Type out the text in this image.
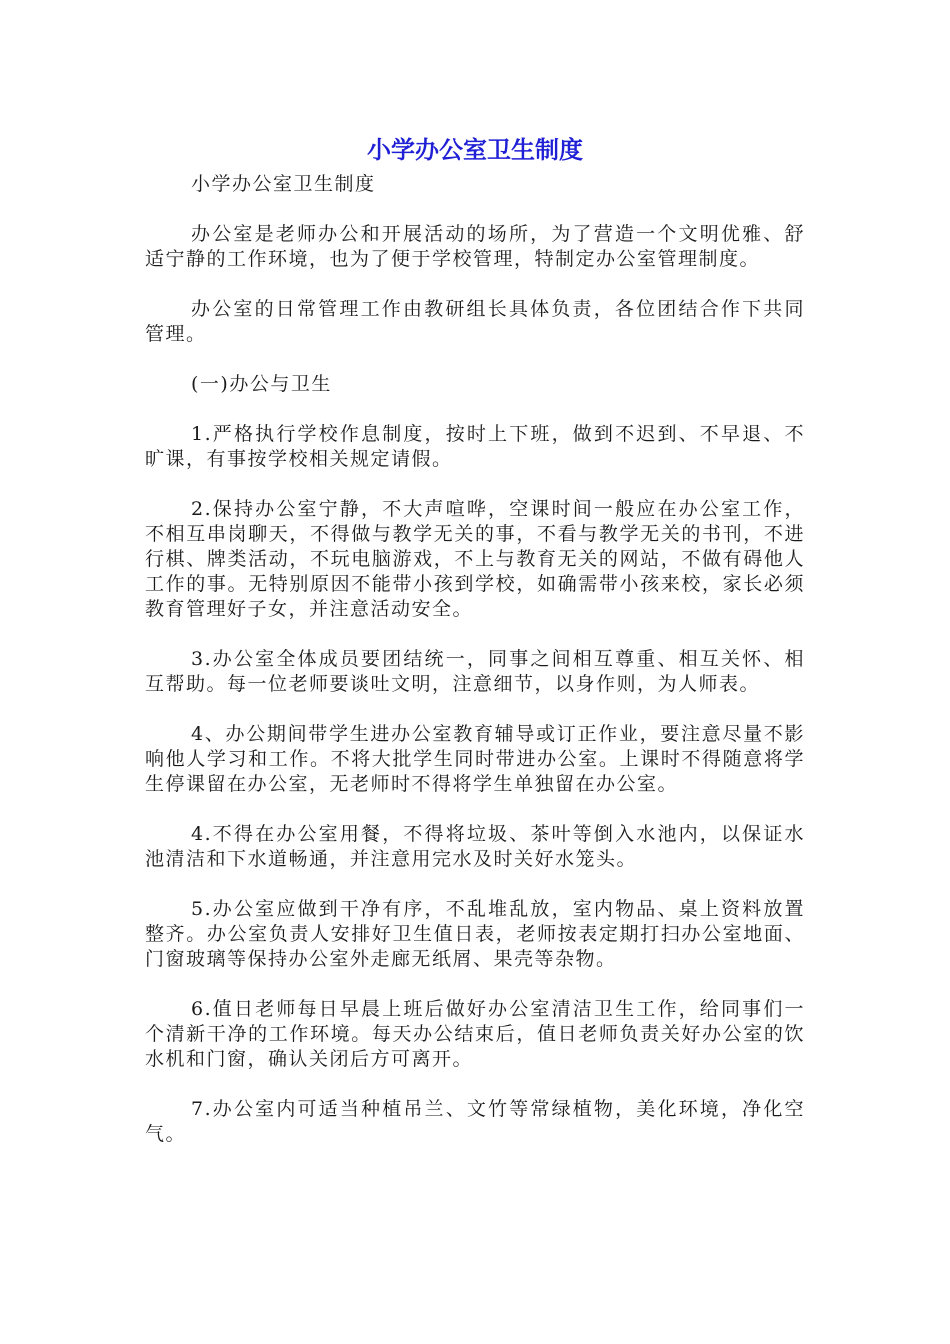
小学办公室卫生制度

小学办公室卫生制度

办公室是老师办公和开展活动的场所，为了营造一个文明优雅、舒适宁静的工作环境，也为了便于学校管理，特制定办公室管理制度。

办公室的日常管理工作由教研组长具体负责，各位团结合作下共同管理。

(一)办公与卫生

1.严格执行学校作息制度，按时上下班，做到不迟到、不早退、不旷课，有事按学校相关规定请假。

2.保持办公室宁静，不大声喧哗，空课时间一般应在办公室工作，不相互串岗聊天，不得做与教学无关的事，不看与教学无关的书刊，不进行棋、牌类活动，不玩电脑游戏，不上与教育无关的网站，不做有碍他人工作的事。无特别原因不能带小孩到学校，如确需带小孩来校，家长必须教育管理好子女，并注意活动安全。

3.办公室全体成员要团结统一，同事之间相互尊重、相互关怀、相互帮助。每一位老师要谈吐文明，注意细节，以身作则，为人师表。

4、办公期间带学生进办公室教育辅导或订正作业，要注意尽量不影响他人学习和工作。不将大批学生同时带进办公室。上课时不得随意将学生停课留在办公室，无老师时不得将学生单独留在办公室。

4.不得在办公室用餐，不得将垃圾、茶叶等倒入水池内，以保证水池清洁和下水道畅通，并注意用完水及时关好水笼头。

5.办公室应做到干净有序，不乱堆乱放，室内物品、桌上资料放置整齐。办公室负责人安排好卫生值日表，老师按表定期打扫办公室地面、门窗玻璃等保持办公室外走廊无纸屑、果壳等杂物。

6.值日老师每日早晨上班后做好办公室清洁卫生工作，给同事们一个清新干净的工作环境。每天办公结束后，值日老师负责关好办公室的饮水机和门窗，确认关闭后方可离开。

7.办公室内可适当种植吊兰、文竹等常绿植物，美化环境，净化空气。
